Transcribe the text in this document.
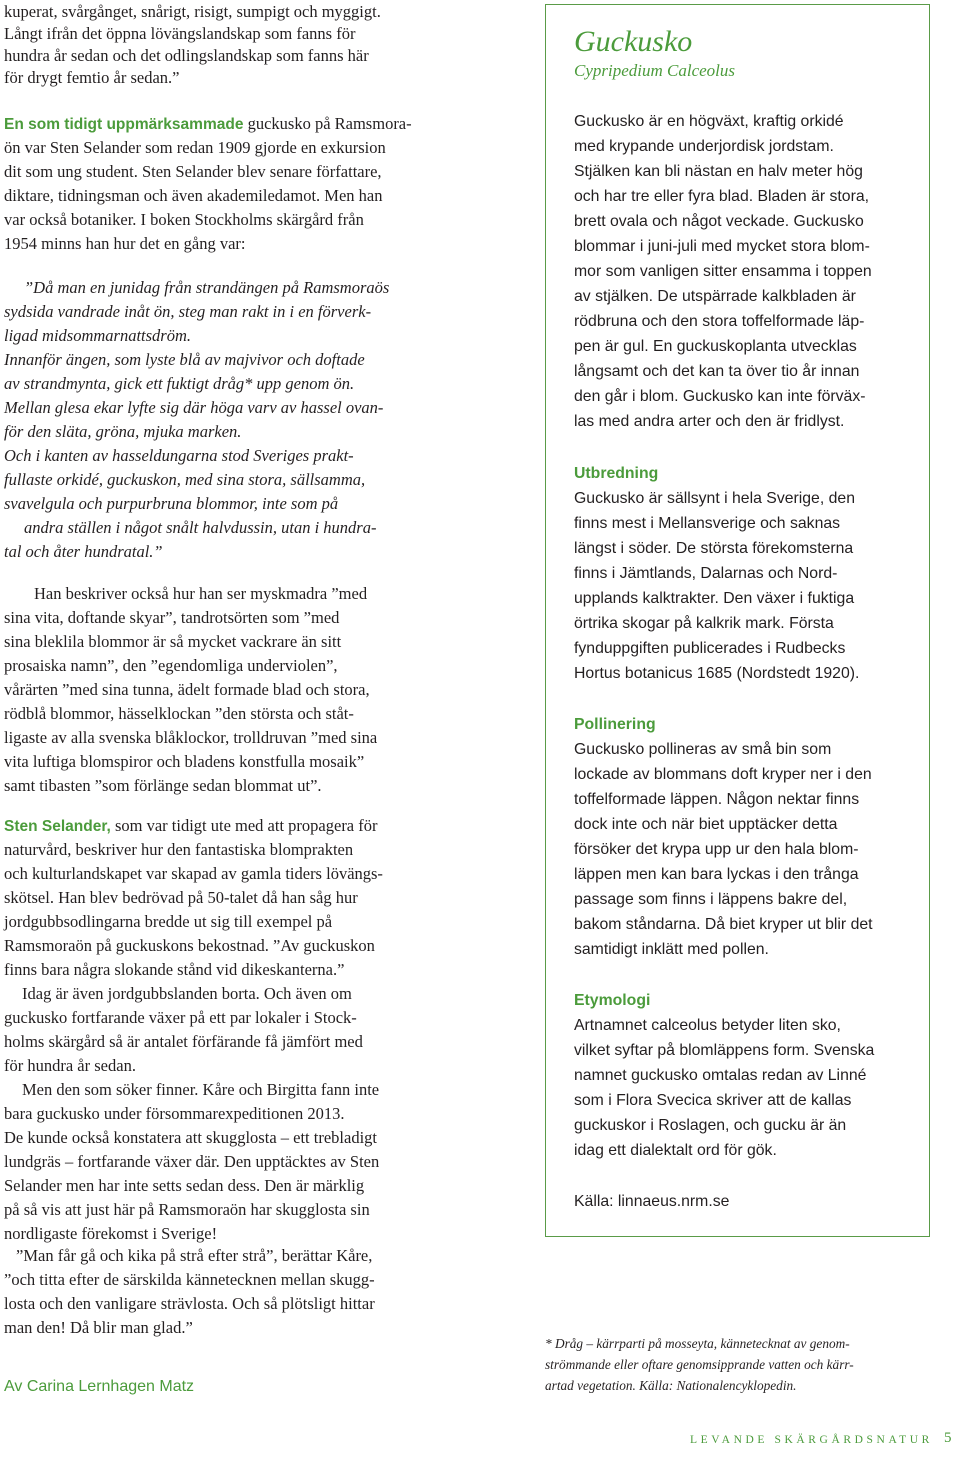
kuperat, svårgånget, snårigt, risigt, sumpigt och myggigt.
Långt ifrån det öppna lövängslandskap som fanns för
hundra år sedan och det odlingslandskap som fanns här
för drygt femtio år sedan.”
En som tidigt uppmärksammade guckusko på Ramsmora-
ön var Sten Selander som redan 1909 gjorde en exkursion
dit som ung student. Sten Selander blev senare författare,
diktare, tidningsman och även akademiledamot. Men han
var också botaniker. I boken Stockholms skärgård från
1954 minns han hur det en gång var:
”Då man en junidag från strandängen på Ramsmoraös
sydsida vandrade inåt ön, steg man rakt in i en förverk-
ligad midsommarnattsdröm.
Innanför ängen, som lyste blå av majvivor och doftade
av strandmynta, gick ett fuktigt dråg* upp genom ön.
Mellan glesa ekar lyfte sig där höga varv av hassel ovan-
för den släta, gröna, mjuka marken.
Och i kanten av hasseldungarna stod Sveriges prakt-
fullaste orkidé, guckuskon, med sina stora, sällsamma,
svavelgula och purpurbruna blommor, inte som på
andra ställen i något snålt halvdussin, utan i hundra-
tal och åter hundratal.”
Han beskriver också hur han ser myskmadra ”med
sina vita, doftande skyar”, tandrotsörten som ”med
sina bleklila blommor är så mycket vackrare än sitt
prosaiska namn”, den ”egendomliga underviolen”,
vårärten ”med sina tunna, ädelt formade blad och stora,
rödblå blommor, hässelklockan ”den största och ståt-
ligaste av alla svenska blåklockor, trolldruvan ”med sina
vita luftiga blomspiror och bladens konstfulla mosaik”
samt tibasten ”som förlänge sedan blommat ut”.
Sten Selander, som var tidigt ute med att propagera för
naturvård, beskriver hur den fantastiska blomprakten
och kulturlandskapet var skapad av gamla tiders lövängs-
skötsel. Han blev bedrövad på 50-talet då han såg hur
jordgubbsodlingarna bredde ut sig till exempel på
Ramsmoraön på guckuskons bekostnad. ”Av guckuskon
finns bara några slokande stånd vid dikeskanterna.”
Idag är även jordgubbslanden borta. Och även om
guckusko fortfarande växer på ett par lokaler i Stock-
holms skärgård så är antalet förfärande få jämfört med
för hundra år sedan.
Men den som söker finner. Kåre och Birgitta fann inte
bara guckusko under försommarexpeditionen 2013.
De kunde också konstatera att skugglosta – ett trebladigt
lundgräs – fortfarande växer där. Den upptäcktes av Sten
Selander men har inte setts sedan dess. Den är märklig
på så vis att just här på Ramsmoraön har skugglosta sin
nordligaste förekomst i Sverige!
”Man får gå och kika på strå efter strå”, berättar Kåre,
”och titta efter de särskilda kännetecknen mellan skugg-
losta och den vanligare strävlosta. Och så plötsligt hittar
man den! Då blir man glad.”
Guckusko
Cypripedium Calceolus
Guckusko är en högväxt, kraftig orkidé
med krypande underjordisk jordstam.
Stjälken kan bli nästan en halv meter hög
och har tre eller fyra blad. Bladen är stora,
brett ovala och något veckade. Guckusko
blommar i juni-juli med mycket stora blom-
mor som vanligen sitter ensamma i toppen
av stjälken. De utspärrade kalkbladen är
rödbruna och den stora toffelformade läp-
pen är gul. En guckuskoplanta utvecklas
långsamt och det kan ta över tio år innan
den går i blom. Guckusko kan inte förväx-
las med andra arter och den är fridlyst.
Utbredning
Guckusko är sällsynt i hela Sverige, den
finns mest i Mellansverige och saknas
längst i söder. De största förekomsterna
finns i Jämtlands, Dalarnas och Nord-
upplands kalktrakter. Den växer i fuktiga
örtrika skogar på kalkrik mark. Första
fynduppgiften publicerades i Rudbecks
Hortus botanicus 1685 (Nordstedt 1920).
Pollinering
Guckusko pollineras av små bin som
lockade av blommans doft kryper ner i den
toffelformade läppen. Någon nektar finns
dock inte och när biet upptäcker detta
försöker det krypa upp ur den hala blom-
läppen men kan bara lyckas i den trånga
passage som finns i läppens bakre del,
bakom ståndarna. Då biet kryper ut blir det
samtidigt inklätt med pollen.
Etymologi
Artnamnet calceolus betyder liten sko,
vilket syftar på blomläppens form. Svenska
namnet guckusko omtalas redan av Linné
som i Flora Svecica skriver att de kallas
guckuskor i Roslagen, och gucku är än
idag ett dialektalt ord för gök.
Källa: linnaeus.nrm.se
* Dråg – kärrparti på mosseyta, kännetecknat av genom-
strömmande eller oftare genomsipprande vatten och kärr-
artad vegetation. Källa: Nationalencyklopedin.
Av Carina Lernhagen Matz
LEVANDE SKÄRGÅRDSNATUR 5
